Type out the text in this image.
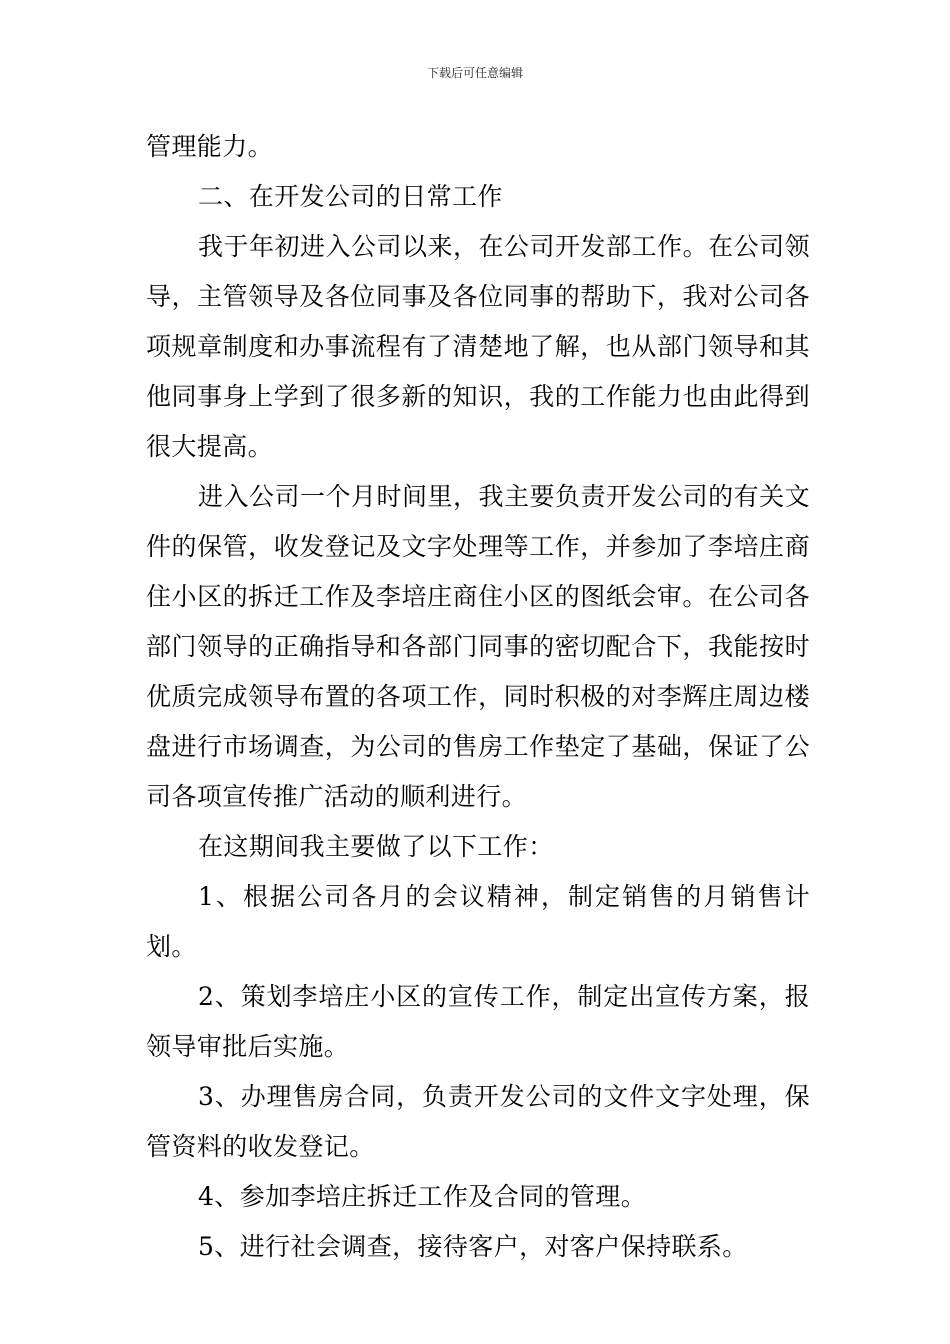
下载后可任意编辑

管理能力。

二、在开发公司的日常工作

我于年初进入公司以来，在公司开发部工作。在公司领导，主管领导及各位同事及各位同事的帮助下，我对公司各项规章制度和办事流程有了清楚地了解，也从部门领导和其他同事身上学到了很多新的知识，我的工作能力也由此得到很大提高。

进入公司一个月时间里，我主要负责开发公司的有关文件的保管，收发登记及文字处理等工作，并参加了李培庄商住小区的拆迁工作及李培庄商住小区的图纸会审。在公司各部门领导的正确指导和各部门同事的密切配合下，我能按时优质完成领导布置的各项工作，同时积极的对李辉庄周边楼盘进行市场调查，为公司的售房工作垫定了基础，保证了公司各项宣传推广活动的顺利进行。

在这期间我主要做了以下工作：

1、根据公司各月的会议精神，制定销售的月销售计划。

2、策划李培庄小区的宣传工作，制定出宣传方案，报领导审批后实施。

3、办理售房合同，负责开发公司的文件文字处理，保管资料的收发登记。

4、参加李培庄拆迁工作及合同的管理。

5、进行社会调查，接待客户，对客户保持联系。
